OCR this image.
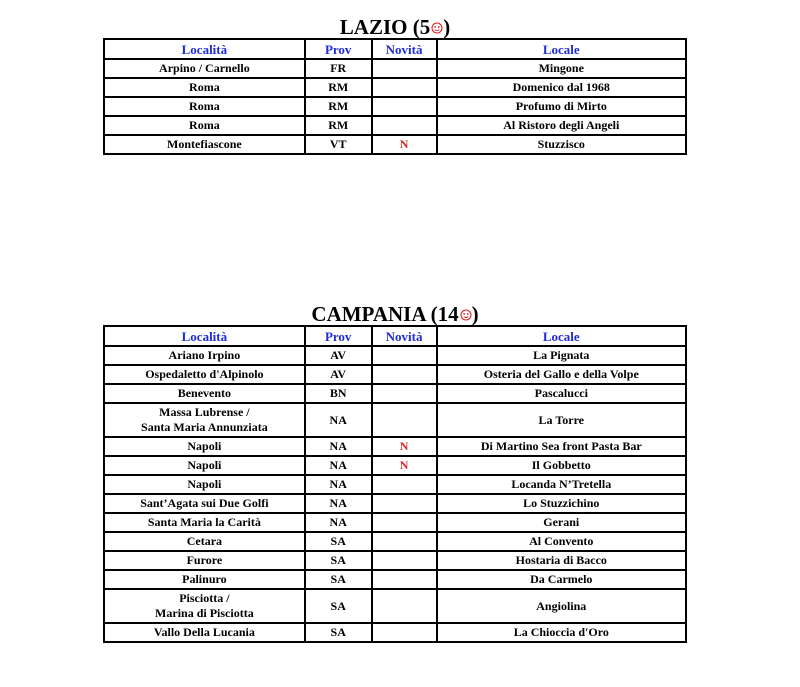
LAZIO (5 )
Località	Prov	Novità	Locale
Arpino / Carnello	FR		Mingone
Roma	RM		Domenico dal 1968
Roma	RM		Profumo di Mirto
Roma	RM		Al Ristoro degli Angeli
Montefiascone	VT	N	Stuzzisco
CAMPANIA (14 )
Località	Prov	Novità	Locale
Ariano Irpino	AV		La Pignata
Ospedaletto d'Alpinolo	AV		Osteria del Gallo e della Volpe
Benevento	BN		Pascalucci
Massa Lubrense /
Santa Maria Annunziata	NA		La Torre
Napoli	NA	N	Di Martino Sea front Pasta Bar
Napoli	NA	N	Il Gobbetto
Napoli	NA		Locanda N’Tretella
Sant’Agata sui Due Golfi	NA		Lo Stuzzichino
Santa Maria la Carità	NA		Gerani
Cetara	SA		Al Convento
Furore	SA		Hostaria di Bacco
Palinuro	SA		Da Carmelo
Pisciotta /
Marina di Pisciotta	SA		Angiolina
Vallo Della Lucania	SA		La Chioccia d'Oro
